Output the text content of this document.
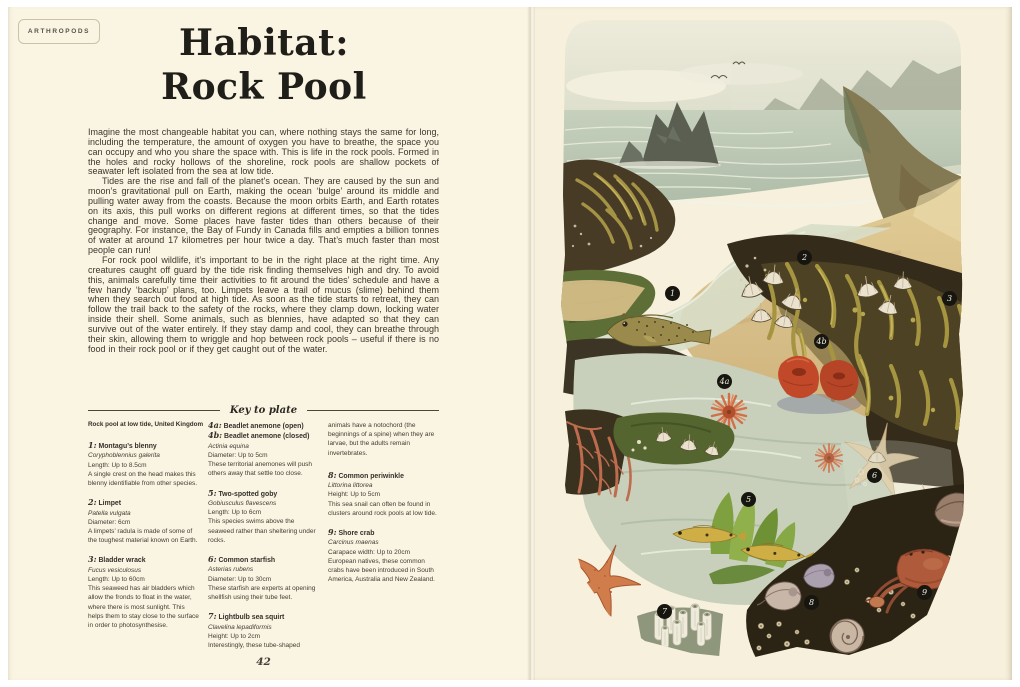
ARTHROPODS	Habitat:
Rock Pool

Imagine the most changeable habitat you can, where nothing stays the same for long, including the temperature, the amount of oxygen you have to breathe, the space you can occupy and who you share the space with. This is life in the rock pools. Formed in the holes and rocky hollows of the shoreline, rock pools are shallow pockets of seawater left isolated from the sea at low tide.

Tides are the rise and fall of the planet’s ocean. They are caused by the sun and moon’s gravitational pull on Earth, making the ocean ‘bulge’ around its middle and pulling water away from the coasts. Because the moon orbits Earth, and Earth rotates on its axis, this pull works on different regions at different times, so that the tides change and move. Some places have faster tides than others because of their geography. For instance, the Bay of Fundy in Canada fills and empties a billion tonnes of water at around 17 kilometres per hour twice a day. That’s much faster than most people can run!

For rock pool wildlife, it’s important to be in the right place at the right time. Any creatures caught off guard by the tide risk finding themselves high and dry. To avoid this, animals carefully time their activities to fit around the tides’ schedule and have a few handy ‘backup’ plans, too. Limpets leave a trail of mucus (slime) behind them when they search out food at high tide. As soon as the tide starts to retreat, they can follow the trail back to the safety of the rocks, where they clamp down, locking water inside their shell. Some animals, such as blennies, have adapted so that they can survive out of the water entirely. If they stay damp and cool, they can breathe through their skin, allowing them to wriggle and hop between rock pools – useful if there is no food in their rock pool or if they get caught out of the water.

Key to plate

Rock pool at low tide, United Kingdom

1: Montagu’s blenny

Coryphoblennius galerita

Length: Up to 8.5cm

A single crest on the head makes this blenny identifiable from other species.

2: Limpet

Patella vulgata

Diameter: 6cm

A limpets’ radula is made of some of the toughest material known on Earth.

3: Bladder wrack

Fucus vesiculosus

Length: Up to 60cm

This seaweed has air bladders which allow the fronds to float in the water, where there is most sunlight. This helps them to stay close to the surface in order to photosynthesise.

4a: Beadlet anemone (open)

4b: Beadlet anemone (closed)

Actinia equina

Diameter: Up to 5cm

These territorial anemones will push others away that settle too close.

5: Two-spotted goby

Gobiusculus flavescens

Length: Up to 6cm

This species swims above the seaweed rather than sheltering under rocks.

6: Common starfish

Asterias rubens

Diameter: Up to 30cm

These starfish are experts at opening shellfish using their tube feet.

7: Lightbulb sea squirt

Clavelina lepadiformis

Height: Up to 2cm

Interestingly, these tube-shaped

animals have a notochord (the beginnings of a spine) when they are larvae, but the adults remain invertebrates.

8: Common periwinkle

Littorina littorea

Height: Up to 5cm

This sea snail can often be found in clusters around rock pools at low tide.

9: Shore crab

Carcinus maenas

Carapace width: Up to 20cm

European natives, these common crabs have been introduced in South America, Australia and New Zealand.

42
1
2
3
4a
4b
5
6
7
8
9
